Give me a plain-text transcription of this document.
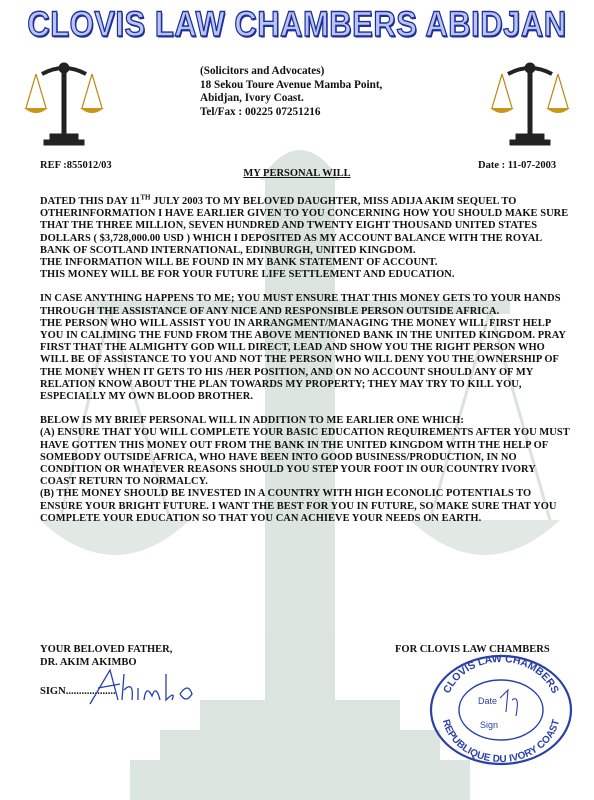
CLOVIS LAW CHAMBERS ABIDJAN
(Solicitors and Advocates)
18 Sekou Toure Avenue Mamba Point,
Abidjan, Ivory Coast.
Tel/Fax : 00225 07251216
REF :855012/03	Date : 11-07-2003
MY PERSONAL WILL

DATED THIS DAY 11TH JULY 2003 TO MY BELOVED DAUGHTER, MISS ADIJA AKIM SEQUEL TO OTHERINFORMATION I HAVE EARLIER GIVEN TO YOU CONCERNING HOW YOU SHOULD MAKE SURE THAT THE THREE MILLION, SEVEN HUNDRED AND TWENTY EIGHT THOUSAND UNITED STATES DOLLARS ( $3,728,000.00 USD ) WHICH I DEPOSITED AS MY ACCOUNT BALANCE WITH THE ROYAL BANK OF SCOTLAND INTERNATIONAL, EDINBURGH, UNITED KINGDOM.

THE INFORMATION WILL BE FOUND IN MY BANK STATEMENT OF ACCOUNT.

THIS MONEY WILL BE FOR YOUR FUTURE LIFE SETTLEMENT AND EDUCATION.

IN CASE ANYTHING HAPPENS TO ME; YOU MUST ENSURE THAT THIS MONEY GETS TO YOUR HANDS THROUGH THE ASSISTANCE OF ANY NICE AND RESPONSIBLE PERSON OUTSIDE AFRICA.

THE PERSON WHO WILL ASSIST YOU IN ARRANGMENT/MANAGING THE MONEY WILL FIRST HELP YOU IN CALIMING THE FUND FROM THE ABOVE MENTIONED BANK IN THE UNITED KINGDOM. PRAY FIRST THAT THE ALMIGHTY GOD WILL DIRECT, LEAD AND SHOW YOU THE RIGHT PERSON WHO WILL BE OF ASSISTANCE TO YOU AND NOT THE PERSON WHO WILL DENY YOU THE OWNERSHIP OF THE MONEY WHEN IT GETS TO HIS /HER POSITION, AND ON NO ACCOUNT SHOULD ANY OF MY RELATION KNOW ABOUT THE PLAN TOWARDS MY PROPERTY; THEY MAY TRY TO KILL YOU, ESPECIALLY MY OWN BLOOD BROTHER.

BELOW IS MY BRIEF PERSONAL WILL IN ADDITION TO ME EARLIER ONE WHICH:

(A) ENSURE THAT YOU WILL COMPLETE YOUR BASIC EDUCATION REQUIREMENTS AFTER YOU MUST HAVE GOTTEN THIS MONEY OUT FROM THE BANK IN THE UNITED KINGDOM WITH THE HELP OF SOMEBODY OUTSIDE AFRICA, WHO HAVE BEEN INTO GOOD BUSINESS/PRODUCTION, IN NO CONDITION OR WHATEVER REASONS SHOULD YOU STEP YOUR FOOT IN OUR COUNTRY IVORY COAST RETURN TO NORMALCY.

(B) THE MONEY SHOULD BE INVESTED IN A COUNTRY WITH HIGH ECONOLIC POTENTIALS TO ENSURE YOUR BRIGHT FUTURE. I WANT THE BEST FOR YOU IN FUTURE, SO MAKE SURE THAT YOU COMPLETE YOUR EDUCATION SO THAT YOU CAN ACHIEVE YOUR NEEDS ON EARTH.

YOUR BELOVED FATHER,
DR. AKIM AKIMBO
SIGN...................
FOR CLOVIS LAW CHAMBERS
CLOVIS LAW CHAMBERS
REPUBLIQUE DU IVORY COAST
Date
Sign
